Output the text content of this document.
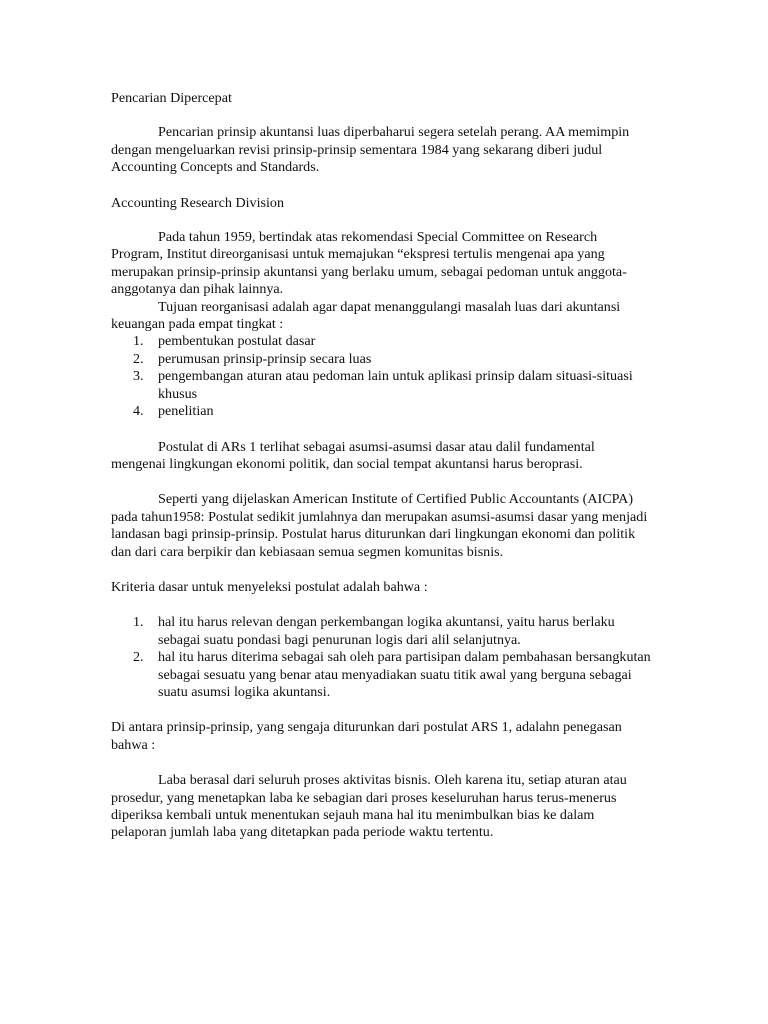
Pencarian Dipercepat

Pencarian prinsip akuntansi luas diperbaharui segera setelah perang. AA memimpin dengan mengeluarkan revisi prinsip-prinsip sementara 1984 yang sekarang diberi judul Accounting Concepts and Standards.

Accounting Research Division

Pada tahun 1959, bertindak atas rekomendasi Special Committee on Research Program, Institut direorganisasi untuk memajukan “ekspresi tertulis mengenai apa yang merupakan prinsip-prinsip akuntansi yang berlaku umum, sebagai pedoman untuk anggota-anggotanya dan pihak lainnya.

Tujuan reorganisasi adalah agar dapat menanggulangi masalah luas dari akuntansi keuangan pada empat tingkat :

1. pembentukan postulat dasar
2. perumusan prinsip-prinsip secara luas
3. pengembangan aturan atau pedoman lain untuk aplikasi prinsip dalam situasi-situasi khusus
4. penelitian

Postulat di ARs 1 terlihat sebagai asumsi-asumsi dasar atau dalil fundamental mengenai lingkungan ekonomi politik, dan social tempat akuntansi harus beroprasi.

Seperti yang dijelaskan American Institute of Certified Public Accountants (AICPA) pada tahun1958: Postulat sedikit jumlahnya dan merupakan asumsi-asumsi dasar yang menjadi landasan bagi prinsip-prinsip. Postulat harus diturunkan dari lingkungan ekonomi dan politik dan dari cara berpikir dan kebiasaan semua segmen komunitas bisnis.

Kriteria dasar untuk menyeleksi postulat adalah bahwa :

1. hal itu harus relevan dengan perkembangan logika akuntansi, yaitu harus berlaku sebagai suatu pondasi bagi penurunan logis dari alil selanjutnya.
2. hal itu harus diterima sebagai sah oleh para partisipan dalam pembahasan bersangkutan sebagai sesuatu yang benar atau menyadiakan suatu titik awal yang berguna sebagai suatu asumsi logika akuntansi.

Di antara prinsip-prinsip, yang sengaja diturunkan dari postulat ARS 1, adalahn penegasan bahwa :

Laba berasal dari seluruh proses aktivitas bisnis. Oleh karena itu, setiap aturan atau prosedur, yang menetapkan laba ke sebagian dari proses keseluruhan harus terus-menerus diperiksa kembali untuk menentukan sejauh mana hal itu menimbulkan bias ke dalam pelaporan jumlah laba yang ditetapkan pada periode waktu tertentu.
